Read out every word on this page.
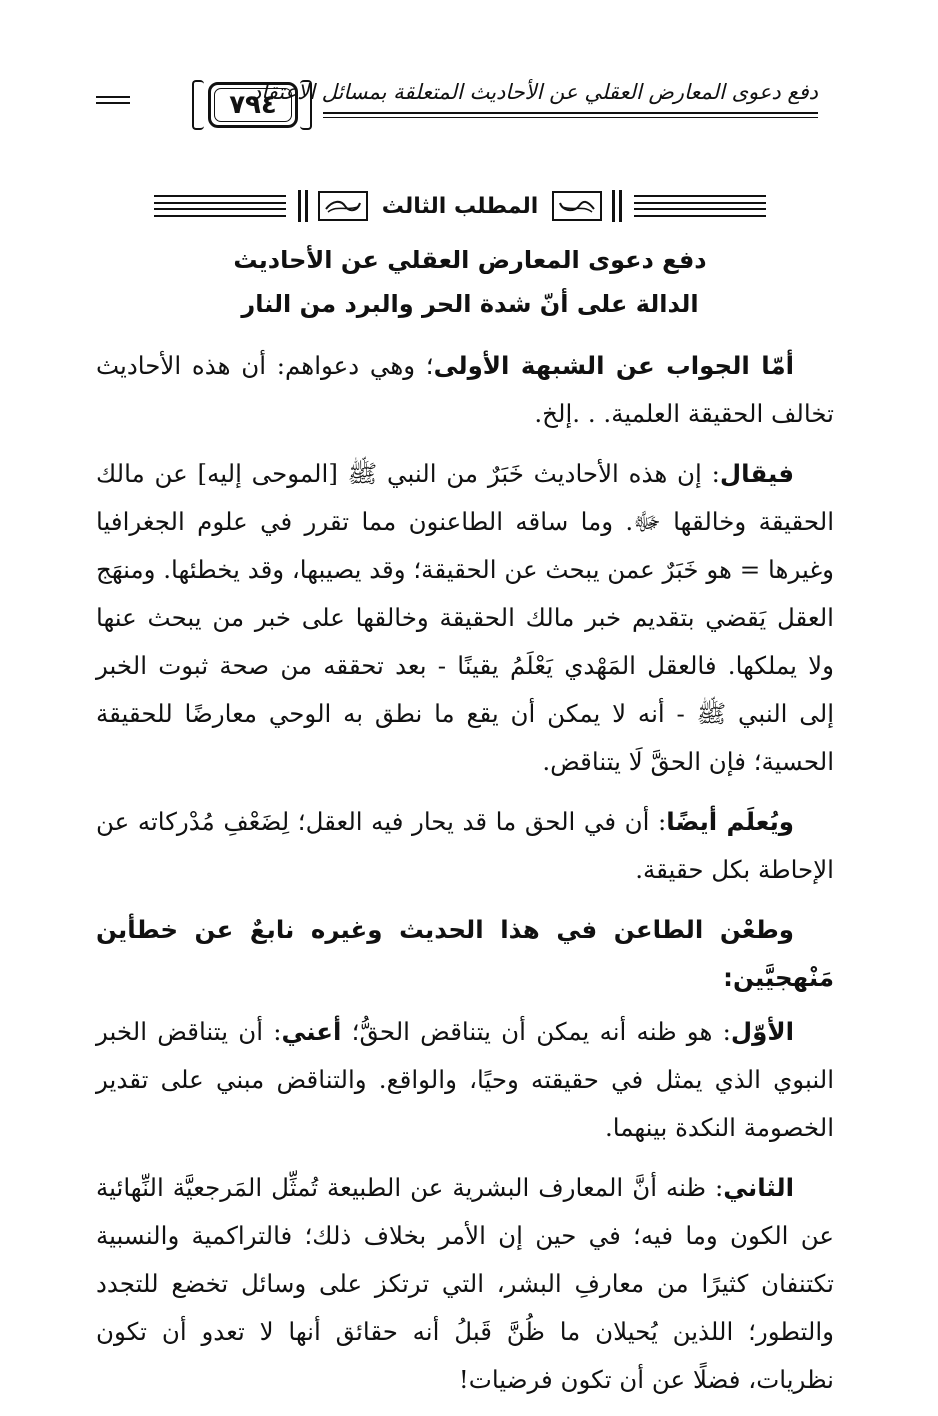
٧٩٤
دفع دعوى المعارض العقلي عن الأحاديث المتعلقة بمسائل الاعتقاد
المطلب الثالث
دفع دعوى المعارض العقلي عن الأحاديث
الدالة على أنّ شدة الحر والبرد من النار

أمّا الجواب عن الشبهة الأولى؛ وهي دعواهم: أن هذه الأحاديث تخالف الحقيقة العلمية. . .إلخ.

فيقال: إن هذه الأحاديث خَبَرٌ من النبي ﷺ [الموحى إليه] عن مالك الحقيقة وخالقها ﷻ. وما ساقه الطاعنون مما تقرر في علوم الجغرافيا وغيرها = هو خَبَرٌ عمن يبحث عن الحقيقة؛ وقد يصيبها، وقد يخطئها. ومنهَج العقل يَقضي بتقديم خبر مالك الحقيقة وخالقها على خبر من يبحث عنها ولا يملكها. فالعقل المَهْدي يَعْلَمُ يقينًا - بعد تحققه من صحة ثبوت الخبر إلى النبي ﷺ - أنه لا يمكن أن يقع ما نطق به الوحي معارضًا للحقيقة الحسية؛ فإن الحقَّ لَا يتناقض.

ويُعلَم أيضًا: أن في الحق ما قد يحار فيه العقل؛ لِضَعْفِ مُدْركاته عن الإحاطة بكل حقيقة.

وطعْن الطاعن في هذا الحديث وغيره نابعٌ عن خطأين مَنْهجيَّين:

الأوّل: هو ظنه أنه يمكن أن يتناقض الحقُّ؛ أعني: أن يتناقض الخبر النبوي الذي يمثل في حقيقته وحيًا، والواقع. والتناقض مبني على تقدير الخصومة النكدة بينهما.

الثاني: ظنه أنَّ المعارف البشرية عن الطبيعة تُمثِّل المَرجعيَّة النِّهائية عن الكون وما فيه؛ في حين إن الأمر بخلاف ذلك؛ فالتراكمية والنسبية تكتنفان كثيرًا من معارفِ البشر، التي ترتكز على وسائل تخضع للتجدد والتطور؛ اللذين يُحيلان ما ظُنَّ قَبلُ أنه حقائق أنها لا تعدو أن تكون نظريات، فضلًا عن أن تكون فرضيات!
